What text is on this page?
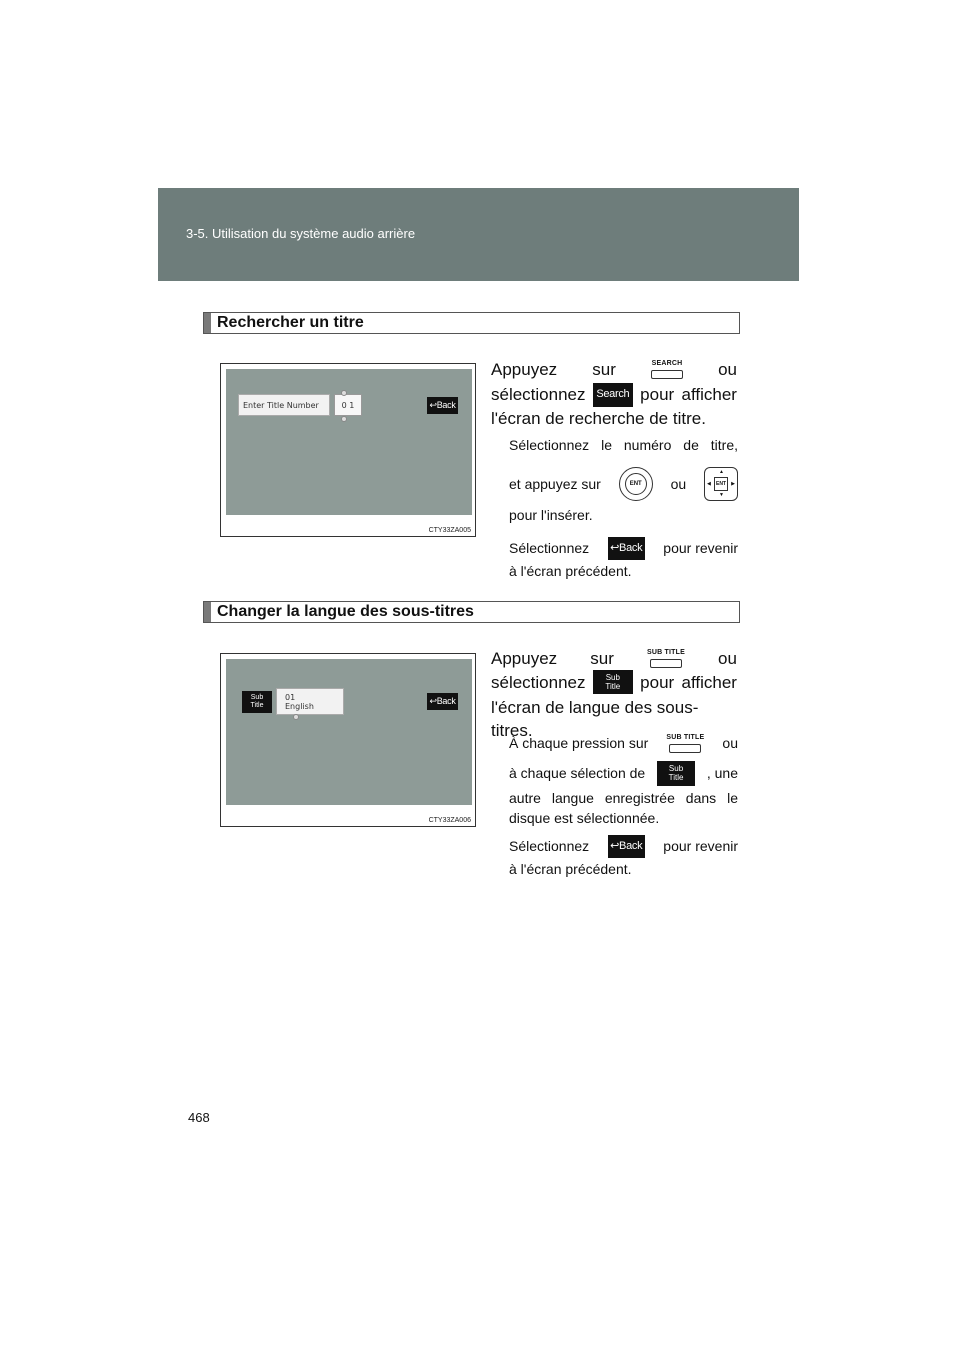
3-5. Utilisation du système audio arrière
Rechercher un titre
Enter Title Number	0 1	↩Back
CTY33ZA005
Appuyez sur	SEARCH ou
sélectionnez Search pour afficher
l'écran de recherche de titre.
Sélectionnez le numéro de titre,
et appuyez sur	ENT	ou
▲
▼
◀	▶
ENT
pour l'insérer.
Sélectionnez ↩Back pour revenir
à l'écran précédent.
Changer la langue des sous-titres
Sub
Title
01
English	↩Back
CTY33ZA006
Appuyez sur	SUB TITLE ou
sélectionnez	Sub
Title pour afficher
l'écran de langue des sous-titres.
À chaque pression sur	SUB TITLE ou
à chaque sélection de	Sub
Title , une
autre langue enregistrée dans le
disque est sélectionnée.
Sélectionnez ↩Back pour revenir
à l'écran précédent.
468
